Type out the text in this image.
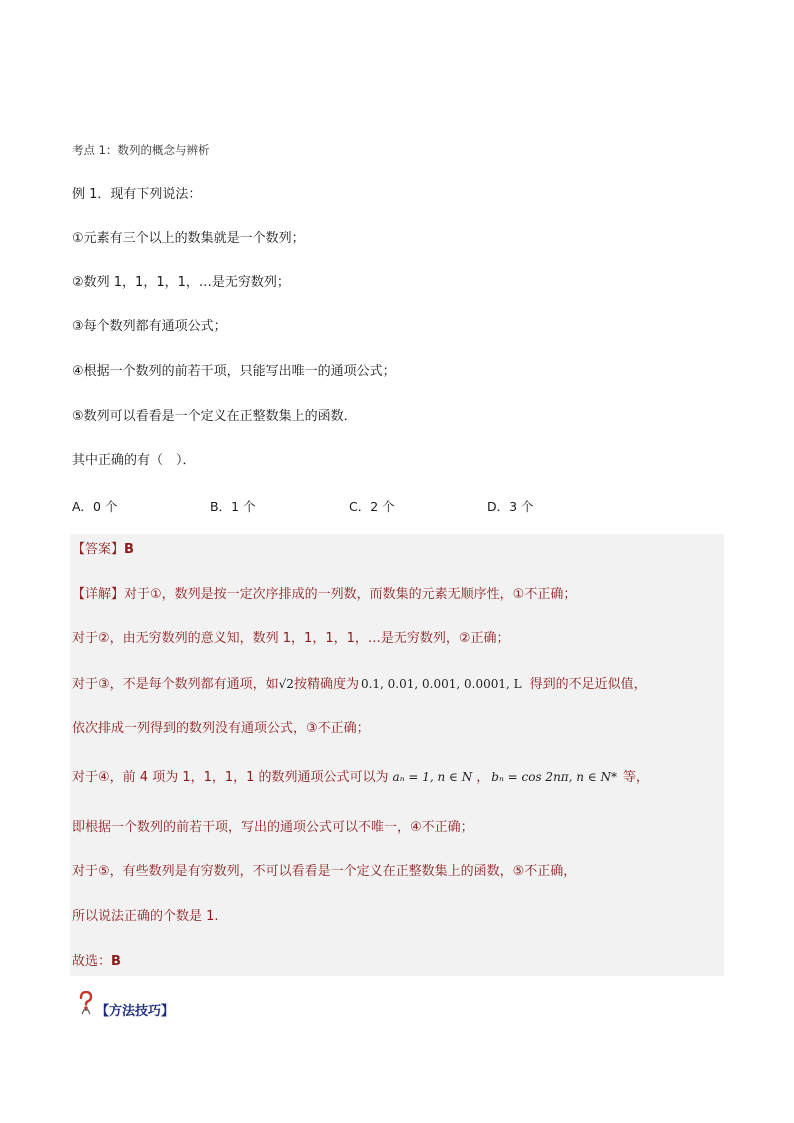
考点 1：数列的概念与辨析
例 1．现有下列说法：
①元素有三个以上的数集就是一个数列；
②数列 1，1，1，1，…是无穷数列；
③每个数列都有通项公式；
④根据一个数列的前若干项，只能写出唯一的通项公式；
⑤数列可以看看是一个定义在正整数集上的函数．
其中正确的有（　）．
A．0 个	B．1 个	C．2 个	D．3 个
【答案】B
【详解】对于①，数列是按一定次序排成的一列数，而数集的元素无顺序性，①不正确；
对于②，由无穷数列的意义知，数列 1，1，1，1，…是无穷数列，②正确；
对于③，不是每个数列都有通项，如√2按精确度为 0.1, 0.01, 0.001, 0.0001, L 得到的不足近似值，
依次排成一列得到的数列没有通项公式，③不正确；
对于④，前 4 项为 1，1，1，1 的数列通项公式可以为 aₙ = 1, n ∈ N ， bₙ = cos 2nπ, n ∈ N* 等，
即根据一个数列的前若干项，写出的通项公式可以不唯一，④不正确；
对于⑤，有些数列是有穷数列，不可以看看是一个定义在正整数集上的函数，⑤不正确，
所以说法正确的个数是 1.
故选：B
【方法技巧】
